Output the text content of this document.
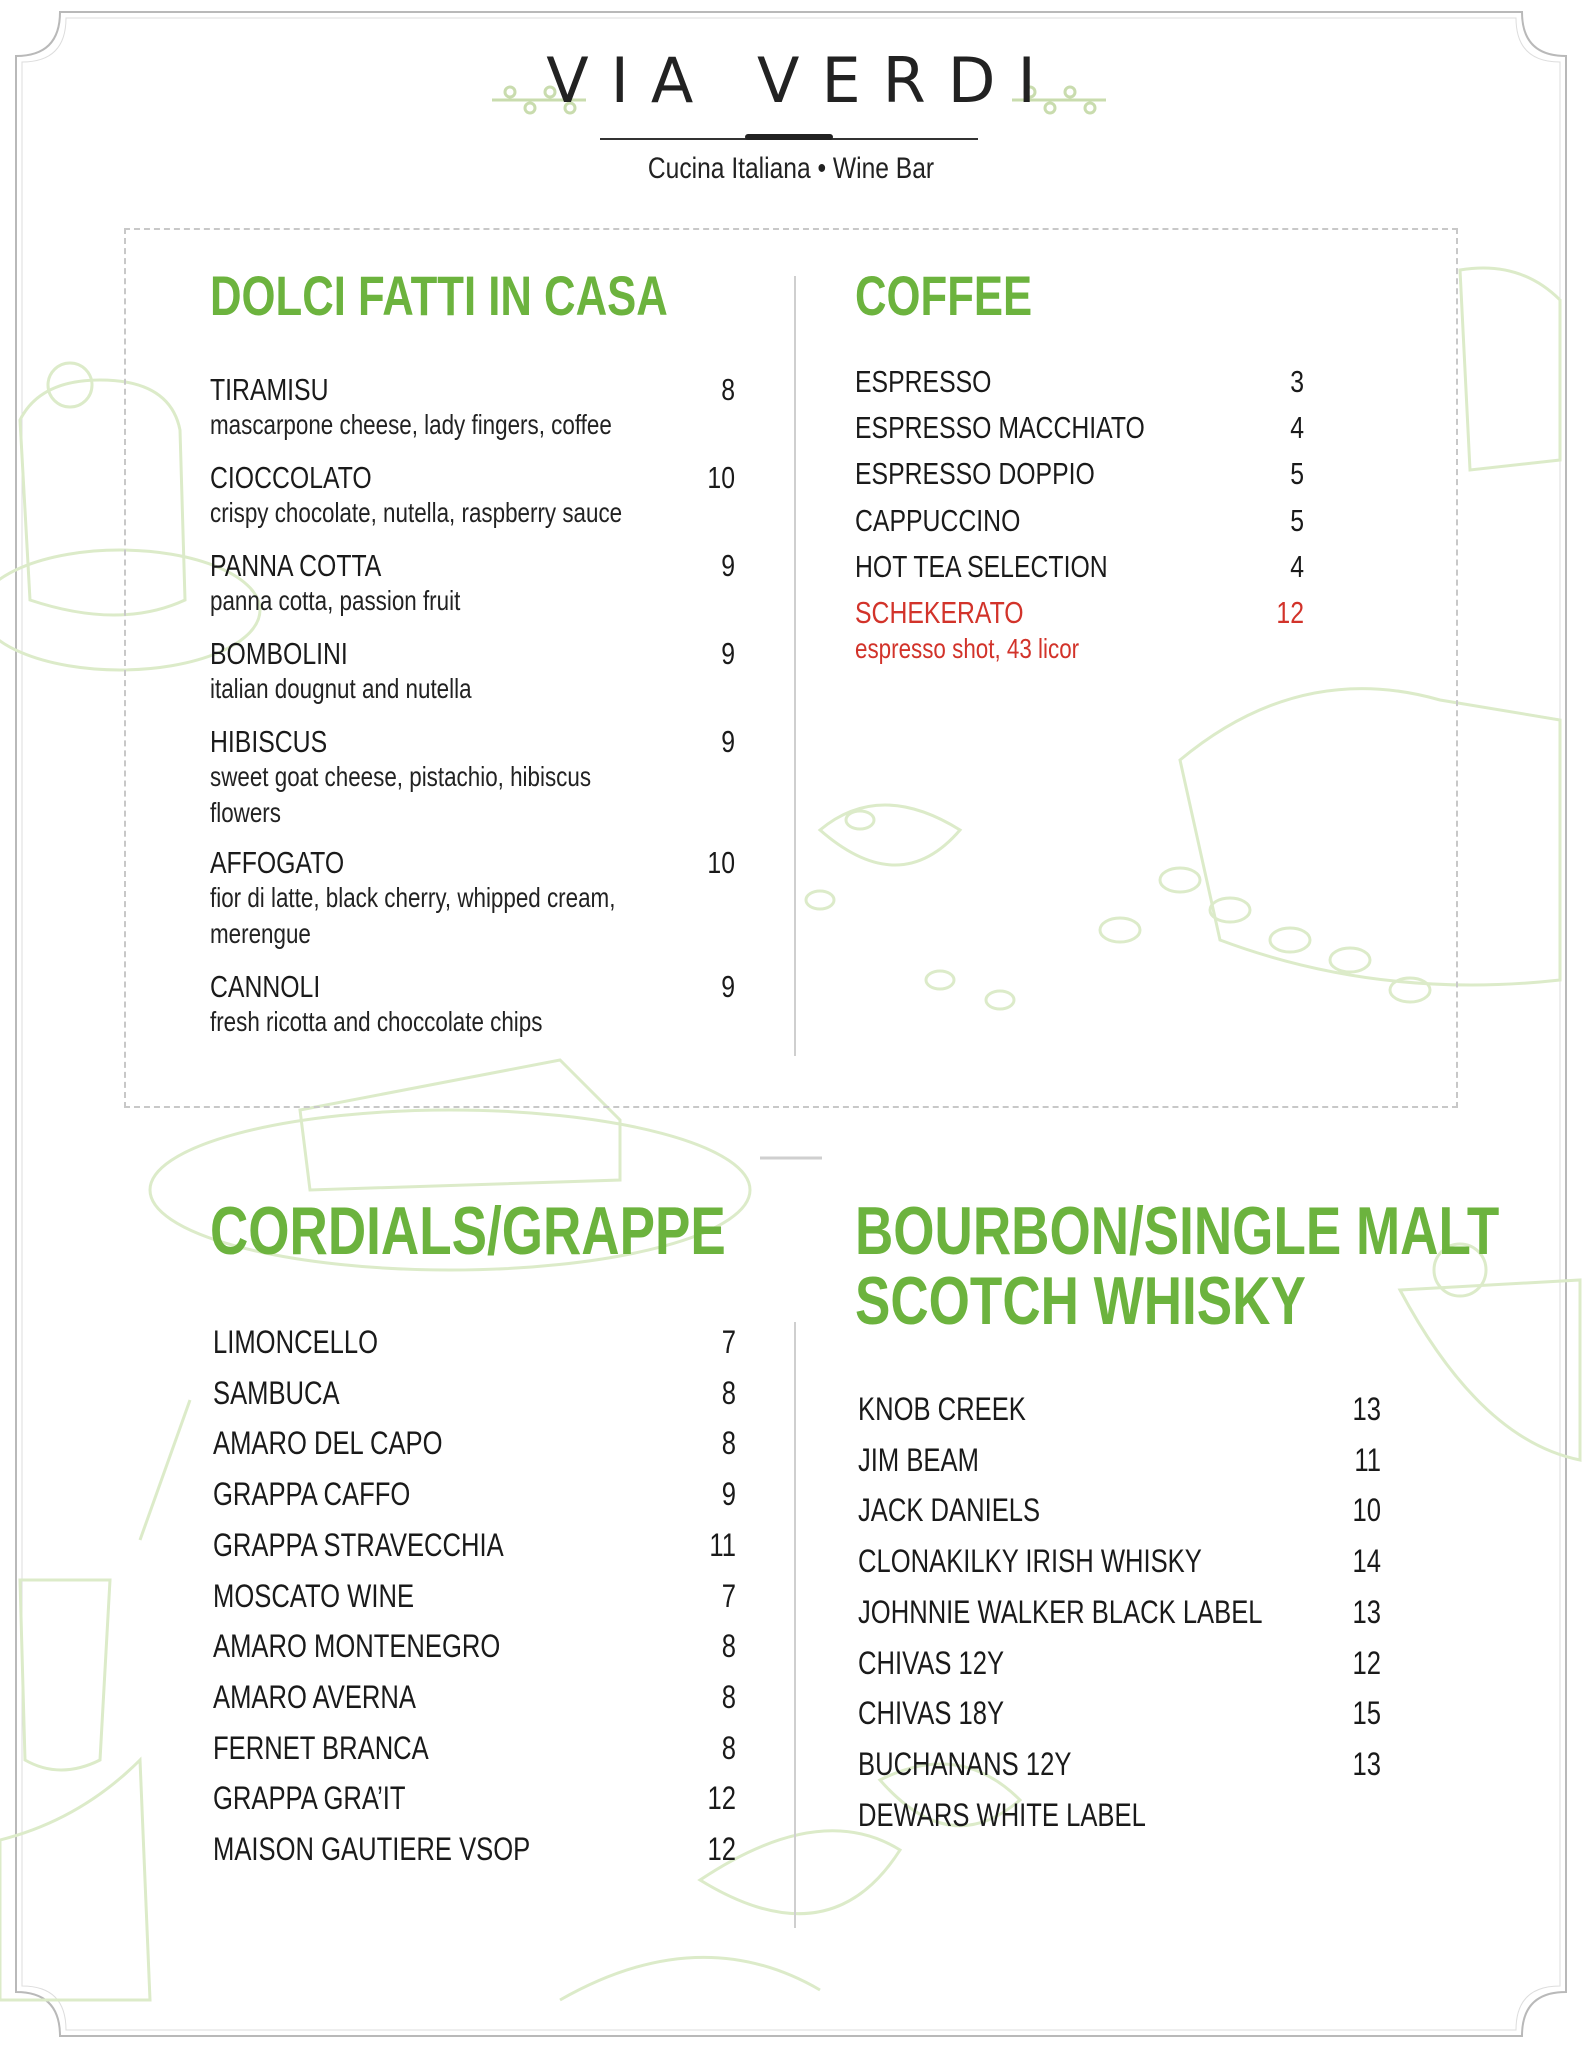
VIA VERDI
Cucina Italiana • Wine Bar
DOLCI FATTI IN CASA
TIRAMISU	8
mascarpone cheese, lady fingers, coffee
CIOCCOLATO	10
crispy chocolate, nutella, raspberry sauce
PANNA COTTA	9
panna cotta, passion fruit
BOMBOLINI	9
italian dougnut and nutella
HIBISCUS	9
sweet goat cheese, pistachio, hibiscus
flowers
AFFOGATO	10
fior di latte, black cherry, whipped cream,
merengue
CANNOLI	9
fresh ricotta and choccolate chips
COFFEE
ESPRESSO	3
ESPRESSO MACCHIATO	4
ESPRESSO DOPPIO	5
CAPPUCCINO	5
HOT TEA SELECTION	4
SCHEKERATO	12
espresso shot, 43 licor
CORDIALS/GRAPPE
LIMONCELLO	7
SAMBUCA	8
AMARO DEL CAPO	8
GRAPPA CAFFO	9
GRAPPA STRAVECCHIA	11
MOSCATO WINE	7
AMARO MONTENEGRO	8
AMARO AVERNA	8
FERNET BRANCA	8
GRAPPA GRA’IT	12
MAISON GAUTIERE VSOP	12
BOURBON/SINGLE MALT
SCOTCH WHISKY
KNOB CREEK	13
JIM BEAM	11
JACK DANIELS	10
CLONAKILKY IRISH WHISKY	14
JOHNNIE WALKER BLACK LABEL	13
CHIVAS 12Y	12
CHIVAS 18Y	15
BUCHANANS 12Y	13
DEWARS WHITE LABEL
